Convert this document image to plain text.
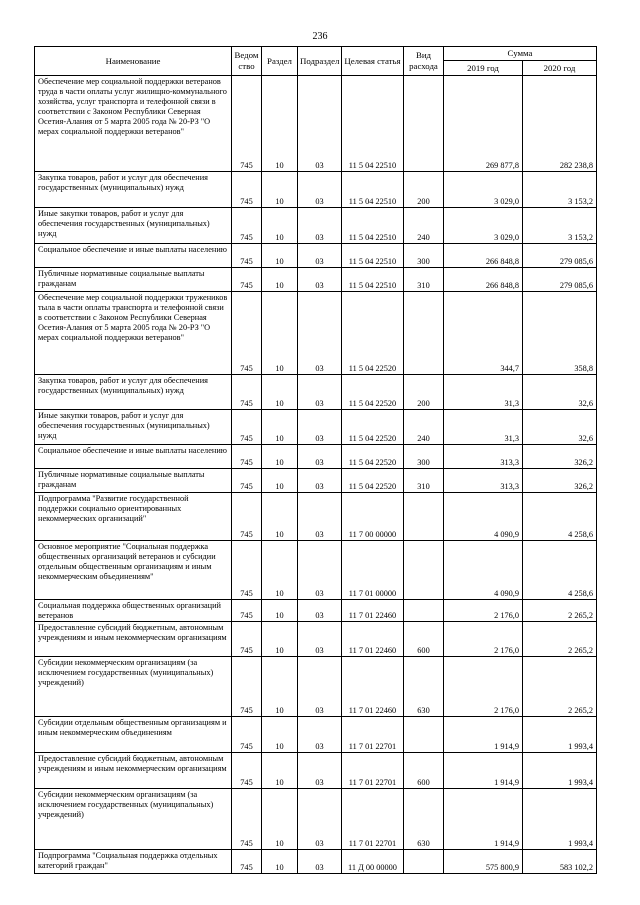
236
Наименование	Ведом ство	Раздел	Подраздел	Целевая статья	Вид расхода	Сумма	
						2019 год	2020 год
Обеспечение мер социальной поддержки ветеранов труда в части оплаты услуг жилищно-коммунального хозяйства, услуг транспорта и телефонной связи в соответствии с Законом Республики Северная Осетия-Алания от 5 марта 2005 года № 20-РЗ "О мерах социальной поддержки ветеранов"	745	10	03	11 5 04 22510		269 877,8	282 238,8
Закупка товаров, работ и услуг для обеспечения государственных (муниципальных) нужд	745	10	03	11 5 04 22510	200	3 029,0	3 153,2
Иные закупки товаров, работ и услуг для обеспечения государственных (муниципальных) нужд	745	10	03	11 5 04 22510	240	3 029,0	3 153,2
Социальное обеспечение и иные выплаты населению	745	10	03	11 5 04 22510	300	266 848,8	279 085,6
Публичные нормативные социальные выплаты гражданам	745	10	03	11 5 04 22510	310	266 848,8	279 085,6
Обеспечение мер социальной поддержки тружеников тыла в части оплаты транспорта и телефонной связи в соответствии с Законом Республики Северная Осетия-Алания от 5 марта 2005 года № 20-РЗ "О мерах социальной поддержки ветеранов"	745	10	03	11 5 04 22520		344,7	358,8
Закупка товаров, работ и услуг для обеспечения государственных (муниципальных) нужд	745	10	03	11 5 04 22520	200	31,3	32,6
Иные закупки товаров, работ и услуг для обеспечения государственных (муниципальных) нужд	745	10	03	11 5 04 22520	240	31,3	32,6
Социальное обеспечение и иные выплаты населению	745	10	03	11 5 04 22520	300	313,3	326,2
Публичные нормативные социальные выплаты гражданам	745	10	03	11 5 04 22520	310	313,3	326,2
Подпрограмма "Развитие государственной поддержки социально ориентированных некоммерческих организаций"	745	10	03	11 7 00 00000		4 090,9	4 258,6
Основное мероприятие "Социальная поддержка общественных организаций ветеранов и субсидии отдельным общественным организациям и иным некоммерческим объединениям"	745	10	03	11 7 01 00000		4 090,9	4 258,6
Социальная поддержка общественных организаций ветеранов	745	10	03	11 7 01 22460		2 176,0	2 265,2
Предоставление субсидий бюджетным, автономным учреждениям и иным некоммерческим организациям	745	10	03	11 7 01 22460	600	2 176,0	2 265,2
Субсидии некоммерческим организациям (за исключением государственных (муниципальных) учреждений)	745	10	03	11 7 01 22460	630	2 176,0	2 265,2
Субсидии отдельным общественным организациям и иным некоммерческим объединениям	745	10	03	11 7 01 22701		1 914,9	1 993,4
Предоставление субсидий бюджетным, автономным учреждениям и иным некоммерческим организациям	745	10	03	11 7 01 22701	600	1 914,9	1 993,4
Субсидии некоммерческим организациям (за исключением государственных (муниципальных) учреждений)	745	10	03	11 7 01 22701	630	1 914,9	1 993,4
Подпрограмма "Социальная поддержка отдельных категорий граждан"	745	10	03	11 Д 00 00000		575 800,9	583 102,2
